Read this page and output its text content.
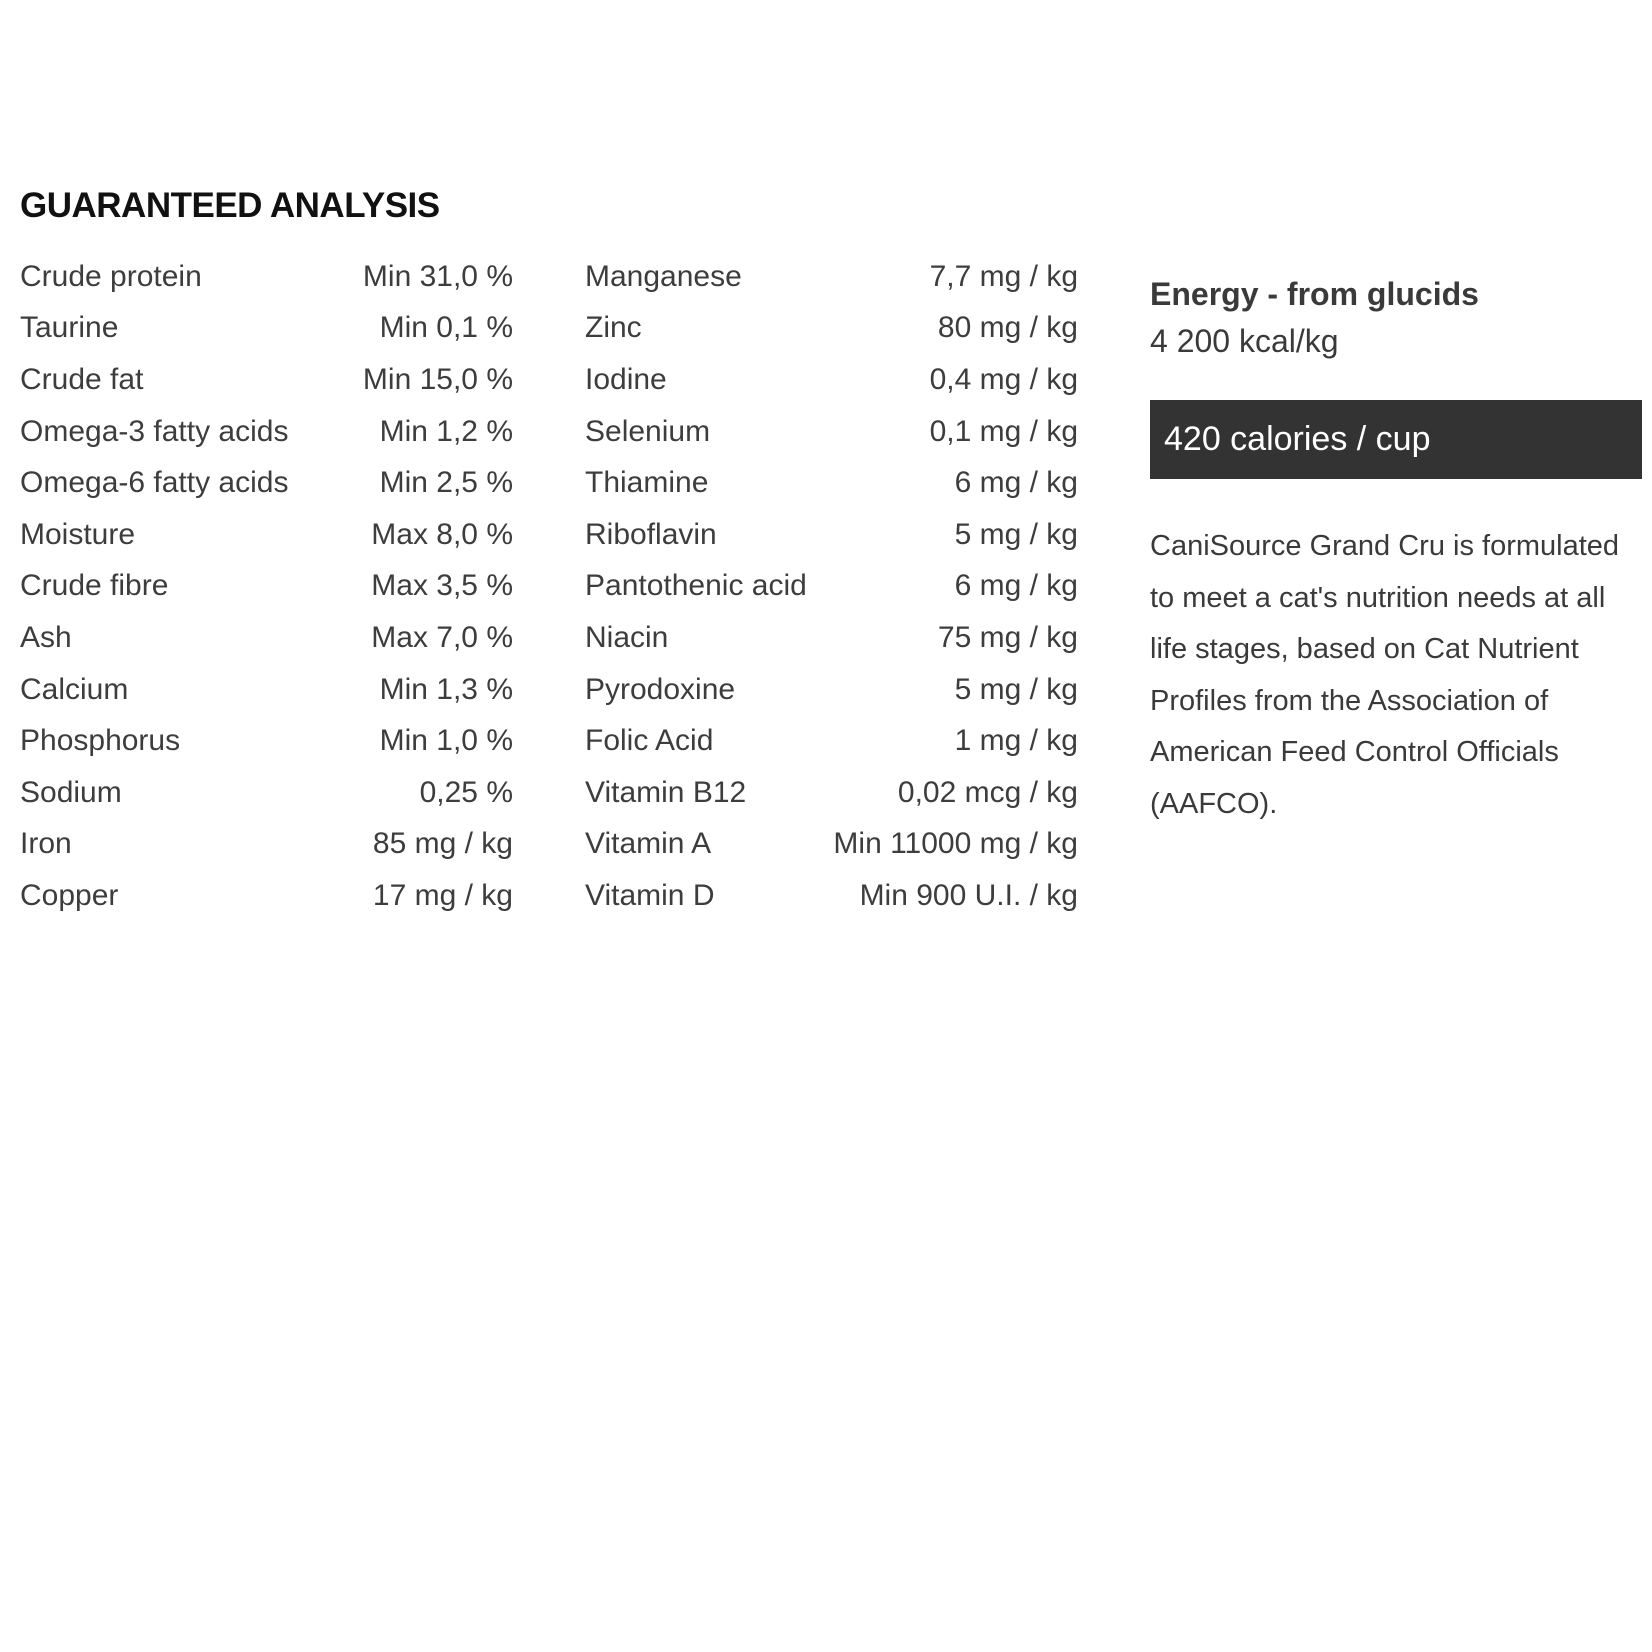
GUARANTEED ANALYSIS
Crude protein	Min 31,0 %
Taurine	Min 0,1 %
Crude fat	Min 15,0 %
Omega-3 fatty acids	Min 1,2 %
Omega-6 fatty acids	Min 2,5 %
Moisture	Max 8,0 %
Crude fibre	Max 3,5 %
Ash	Max 7,0 %
Calcium	Min 1,3 %
Phosphorus	Min 1,0 %
Sodium	0,25 %
Iron	85 mg / kg
Copper	17 mg / kg
Manganese	7,7 mg / kg
Zinc	80 mg / kg
Iodine	0,4 mg / kg
Selenium	0,1 mg / kg
Thiamine	6 mg / kg
Riboflavin	5 mg / kg
Pantothenic acid	6 mg / kg
Niacin	75 mg / kg
Pyrodoxine	5 mg / kg
Folic Acid	1 mg / kg
Vitamin B12	0,02 mcg / kg
Vitamin A	Min 11000 mg / kg
Vitamin D	Min 900 U.I. / kg

Energy - from glucids

4 200 kcal/kg

420 calories / cup

CaniSource Grand Cru is formulated to meet a cat's nutrition needs at all life stages, based on Cat Nutrient Profiles from the Association of American Feed Control Officials (AAFCO).
